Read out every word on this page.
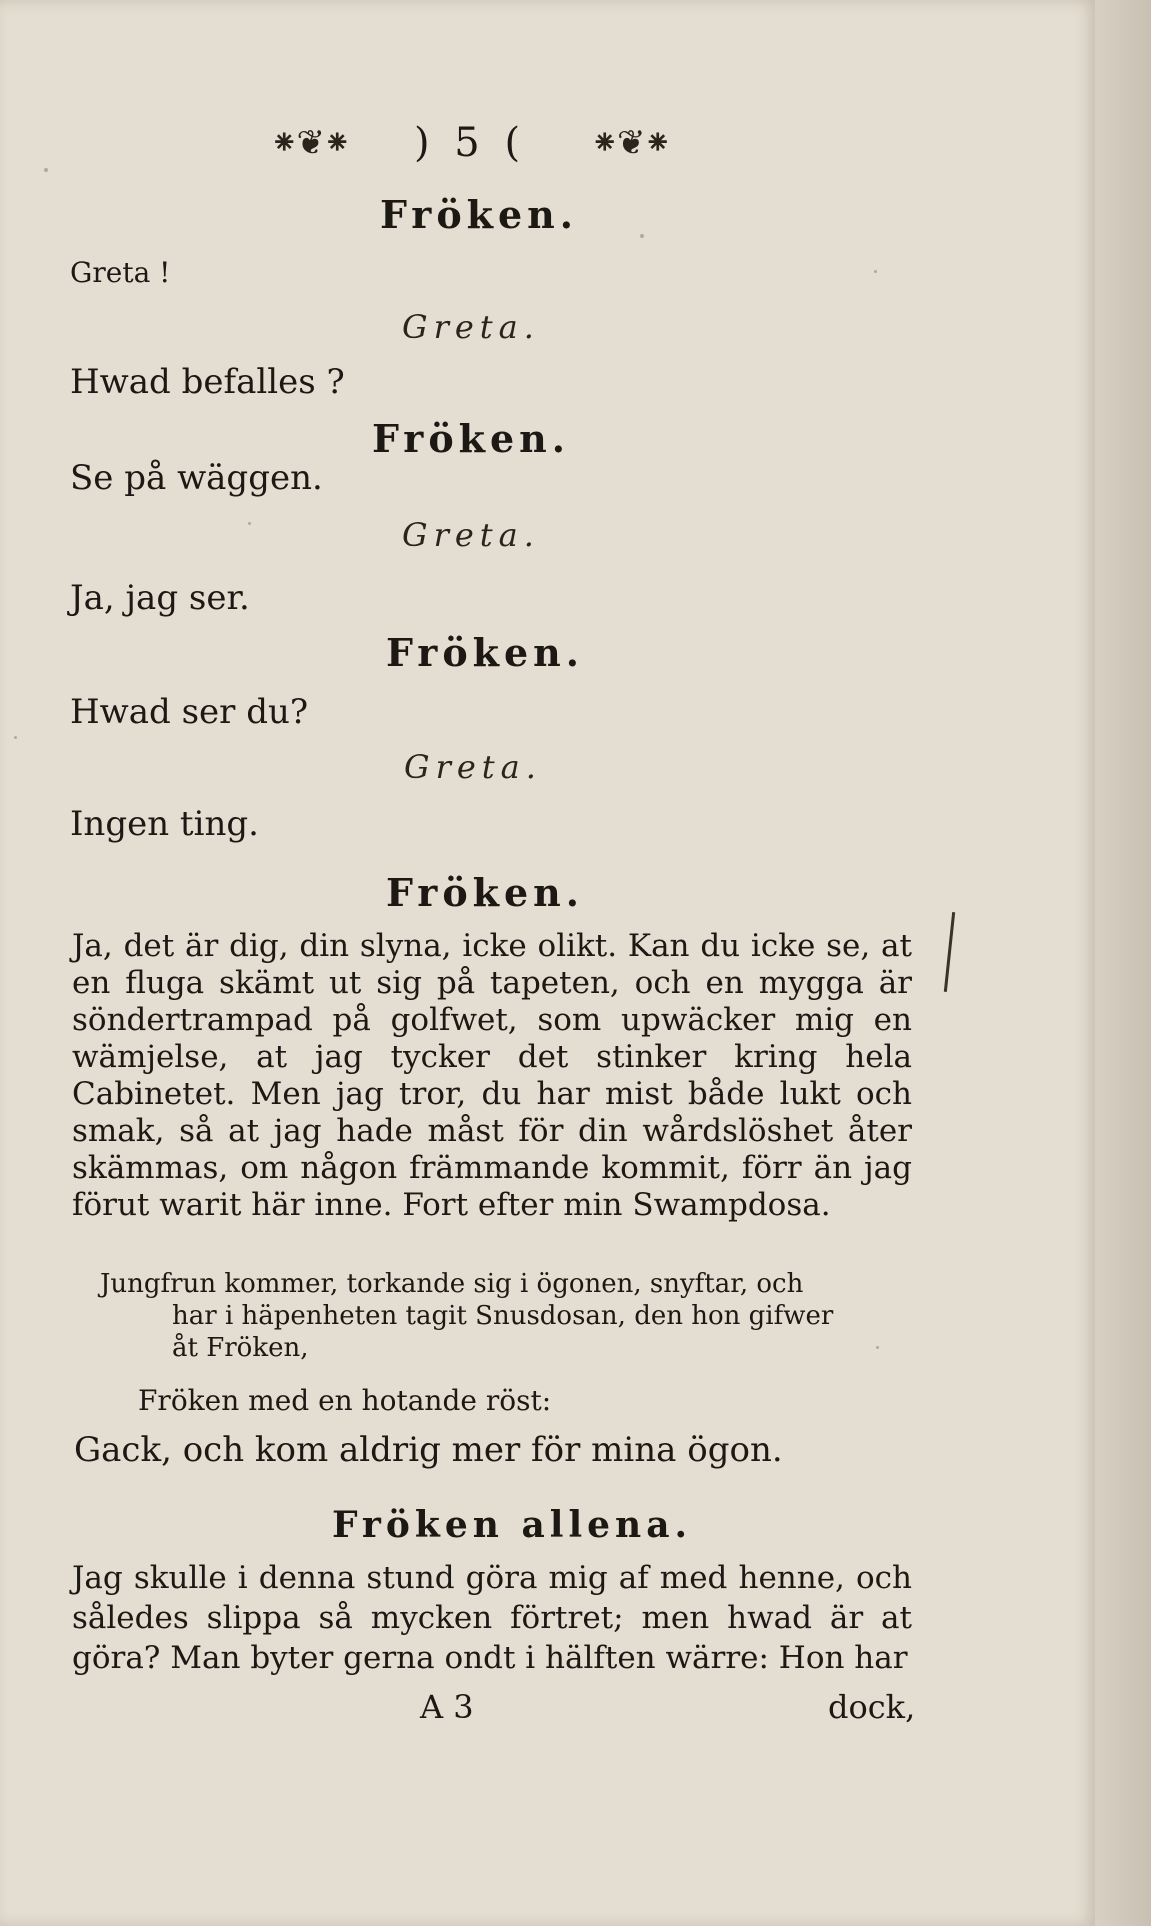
⁕❦⁕ ) 5 ( ⁕❦⁕
Fröken.
Greta !
Greta.
Hwad befalles ?
Fröken.
Se på wäggen.
Greta.
Ja, jag ser.
Fröken.
Hwad ser du?
Greta.
Ingen ting.
Fröken.
Ja, det är dig, din slyna, icke olikt. Kan du icke se, at en fluga skämt ut sig på tapeten, och en mygga är söndertrampad på golfwet, som upwäcker mig en wämjelse, at jag tycker det stinker kring hela Cabinetet. Men jag tror, du har mist både lukt och smak, så at jag hade måst för din wårdslöshet åter skämmas, om någon främmande kommit, förr än jag förut warit här inne. Fort efter min Swampdosa.
Jungfrun kommer, torkande sig i ögonen, snyftar, och

har i häpenheten tagit Snusdosan, den hon gifwer
åt Fröken,
Fröken med en hotande röst:
Gack, och kom aldrig mer för mina ögon.
Fröken allena.
Jag skulle i denna stund göra mig af med henne, och således slippa så mycken förtret; men hwad är at göra? Man byter gerna ondt i hälften wärre: Hon har
A 3	dock,
